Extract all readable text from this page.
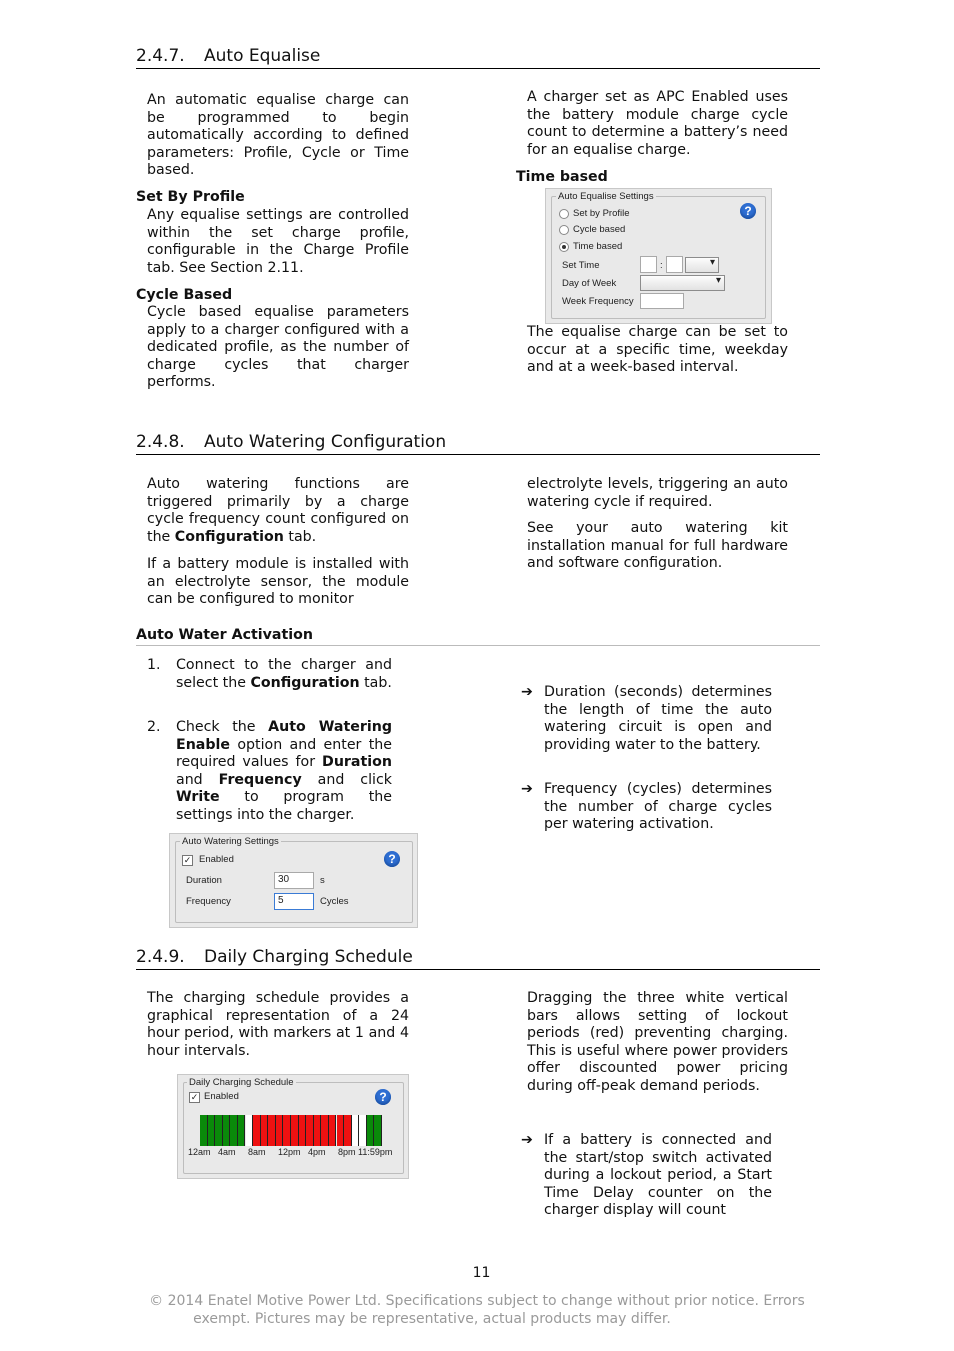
2.4.7. Auto Equalise
An automatic equalise charge can be programmed to begin automatically according to defined parameters: Profile, Cycle or Time based.
Set By Profile
Any equalise settings are controlled within the set charge profile, configurable in the Charge Profile tab. See Section 2.11.
Cycle Based
Cycle based equalise parameters apply to a charger configured with a dedicated profile, as the number of charge cycles that charger performs.
A charger set as APC Enabled uses the battery module charge cycle count to determine a battery’s need for an equalise charge.
Time based
Auto Equalise Settings
?
Set by Profile
Cycle based
Time based
Set Time	:
▾
Day of Week
▾
Week Frequency
The equalise charge can be set to occur at a specific time, weekday and at a week-based interval.
2.4.8. Auto Watering Configuration
Auto watering functions are triggered primarily by a charge cycle frequency count configured on the Configuration tab.
If a battery module is installed with an electrolyte sensor, the module can be configured to monitor
electrolyte levels, triggering an auto watering cycle if required.
See your auto watering kit installation manual for full hardware and software configuration.
Auto Water Activation
1. Connect to the charger and select the Configuration tab.
2. Check the Auto Watering Enable option and enter the required values for Duration and Frequency and click Write to program the settings into the charger.
Auto Watering Settings
?
✓ Enabled
Duration	30	s
Frequency	5	Cycles
➔ Duration (seconds) determines the length of time the auto watering circuit is open and providing water to the battery.
➔ Frequency (cycles) determines the number of charge cycles per watering activation.
2.4.9. Daily Charging Schedule
The charging schedule provides a graphical representation of a 24 hour period, with markers at 1 and 4 hour intervals.
Dragging the three white vertical bars allows setting of lockout periods (red) preventing charging. This is useful where power providers offer discounted power pricing during off-peak demand periods.
Daily Charging Schedule
?
✓ Enabled
12am 4am 8am 12pm 4pm 8pm 11:59pm
➔ If a battery is connected and the start/stop switch activated during a lockout period, a Start Time Delay counter on the charger display will count
11
© 2014 Enatel Motive Power Ltd. Specifications subject to change without prior notice. Errors
exempt. Pictures may be representative, actual products may differ.
